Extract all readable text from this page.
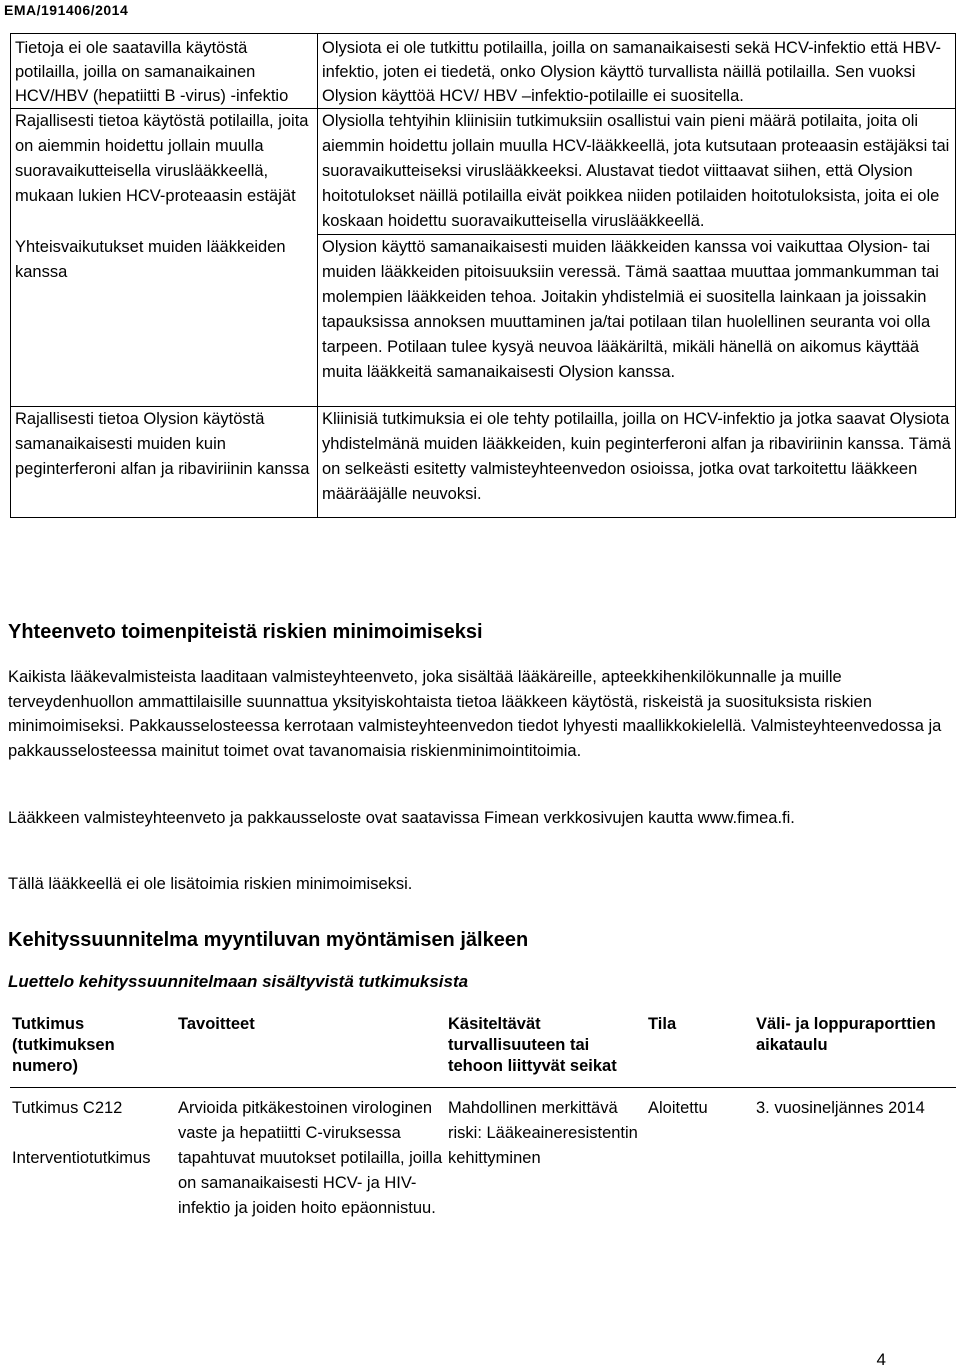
EMA/191406/2014
Tietoja ei ole saatavilla käytöstä potilailla, joilla on samanaikainen HCV/HBV (hepatiitti B -virus) -infektio	Olysiota ei ole tutkittu potilailla, joilla on samanaikaisesti sekä HCV-infektio että HBV-infektio, joten ei tiedetä, onko Olysion käyttö turvallista näillä potilailla. Sen vuoksi Olysion käyttöä HCV/ HBV –infektio-potilaille ei suositella.
Rajallisesti tietoa käytöstä potilailla, joita on aiemmin hoidettu jollain muulla suoravaikutteisella viruslääkkeellä, mukaan lukien HCV-proteaasin estäjät	Olysiolla tehtyihin kliinisiin tutkimuksiin osallistui vain pieni määrä potilaita, joita oli aiemmin hoidettu jollain muulla HCV-lääkkeellä, jota kutsutaan proteaasin estäjäksi tai suoravaikutteiseksi viruslääkkeeksi. Alustavat tiedot viittaavat siihen, että Olysion hoitotulokset näillä potilailla eivät poikkea niiden potilaiden hoitotuloksista, joita ei ole koskaan hoidettu suoravaikutteisella viruslääkkeellä.
Yhteisvaikutukset muiden lääkkeiden kanssa	Olysion käyttö samanaikaisesti muiden lääkkeiden kanssa voi vaikuttaa Olysion- tai muiden lääkkeiden pitoisuuksiin veressä. Tämä saattaa muuttaa jommankumman tai molempien lääkkeiden tehoa. Joitakin yhdistelmiä ei suositella lainkaan ja joissakin tapauksissa annoksen muuttaminen ja/tai potilaan tilan huolellinen seuranta voi olla tarpeen. Potilaan tulee kysyä neuvoa lääkäriltä, mikäli hänellä on aikomus käyttää muita lääkkeitä samanaikaisesti Olysion kanssa.
Rajallisesti tietoa Olysion käytöstä samanaikaisesti muiden kuin peginterferoni alfan ja ribaviriinin kanssa	Kliinisiä tutkimuksia ei ole tehty potilailla, joilla on HCV-infektio ja jotka saavat Olysiota yhdistelmänä muiden lääkkeiden, kuin peginterferoni alfan ja ribaviriinin kanssa. Tämä on selkeästi esitetty valmisteyhteenvedon osioissa, jotka ovat tarkoitettu lääkkeen määrääjälle neuvoksi.
Yhteenveto toimenpiteistä riskien minimoimiseksi

Kaikista lääkevalmisteista laaditaan valmisteyhteenveto, joka sisältää lääkäreille, apteekkihenkilökunnalle ja muille terveydenhuollon ammattilaisille suunnattua yksityiskohtaista tietoa lääkkeen käytöstä, riskeistä ja suosituksista riskien minimoimiseksi. Pakkausselosteessa kerrotaan valmisteyhteenvedon tiedot lyhyesti maallikkokielellä. Valmisteyhteenvedossa ja pakkausselosteessa mainitut toimet ovat tavanomaisia riskienminimointitoimia.

Lääkkeen valmisteyhteenveto ja pakkausseloste ovat saatavissa Fimean verkkosivujen kautta www.fimea.fi.

Tällä lääkkeellä ei ole lisätoimia riskien minimoimiseksi.

Kehityssuunnitelma myyntiluvan myöntämisen jälkeen

Luettelo kehityssuunnitelmaan sisältyvistä tutkimuksista

Tutkimus (tutkimuksen numero)	Tavoitteet	Käsiteltävät turvallisuuteen tai tehoon liittyvät seikat	Tila	Väli- ja loppuraporttien aikataulu

Tutkimus C212
Interventiotutkimus	Arvioida pitkäkestoinen virologinen vaste ja hepatiitti C-viruksessa tapahtuvat muutokset potilailla, joilla on samanaikaisesti HCV- ja HIV-infektio ja joiden hoito epäonnistuu.	Mahdollinen merkittävä riski: Lääkeaineresistentin kehittyminen	Aloitettu	3. vuosineljännes 2014
4
